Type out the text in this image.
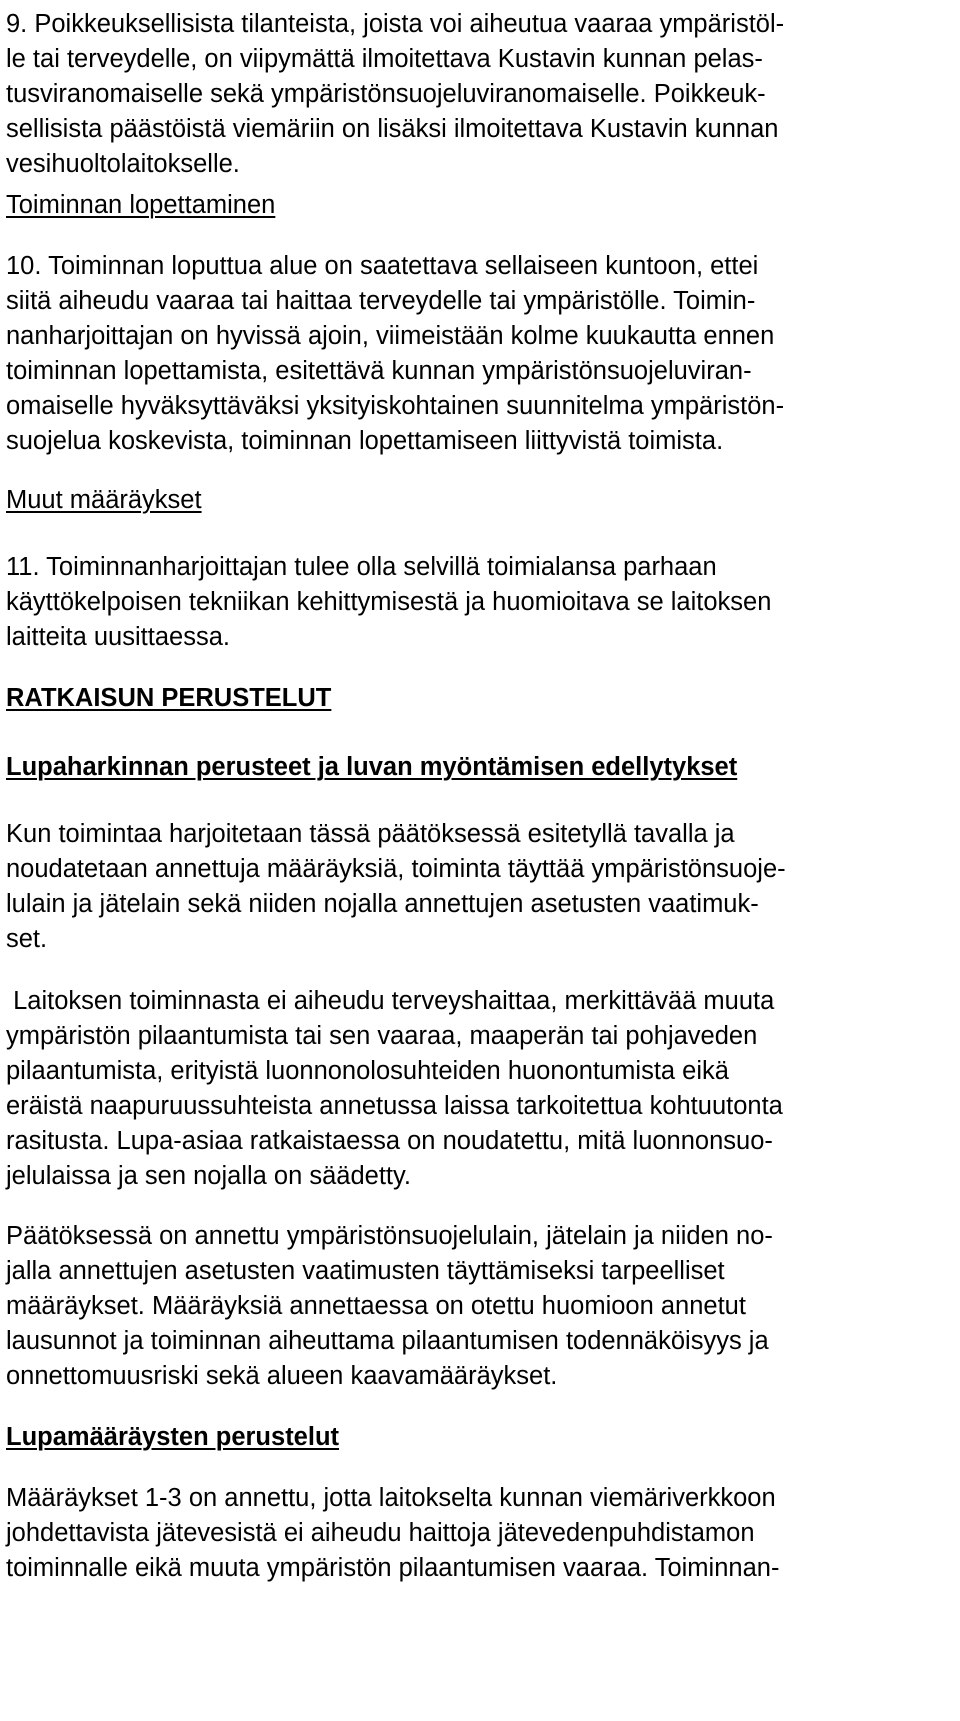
9. Poikkeuksellisista tilanteista, joista voi aiheutua vaaraa ympäristöl-

le tai terveydelle, on viipymättä ilmoitettava Kustavin kunnan pelas-

tusviranomaiselle sekä ympäristönsuojeluviranomaiselle. Poikkeuk-

sellisista päästöistä viemäriin on lisäksi ilmoitettava Kustavin kunnan

vesihuoltolaitokselle.

Toiminnan lopettaminen

10. Toiminnan loputtua alue on saatettava sellaiseen kuntoon, ettei

siitä aiheudu vaaraa tai haittaa terveydelle tai ympäristölle. Toimin-

nanharjoittajan on hyvissä ajoin, viimeistään kolme kuukautta ennen

toiminnan lopettamista, esitettävä kunnan ympäristönsuojeluviran-

omaiselle hyväksyttäväksi yksityiskohtainen suunnitelma ympäristön-

suojelua koskevista, toiminnan lopettamiseen liittyvistä toimista.

Muut määräykset

11. Toiminnanharjoittajan tulee olla selvillä toimialansa parhaan

käyttökelpoisen tekniikan kehittymisestä ja huomioitava se laitoksen

laitteita uusittaessa.

RATKAISUN PERUSTELUT

Lupaharkinnan perusteet ja luvan myöntämisen edellytykset

Kun toimintaa harjoitetaan tässä päätöksessä esitetyllä tavalla ja

noudatetaan annettuja määräyksiä, toiminta täyttää ympäristönsuoje-

lulain ja jätelain sekä niiden nojalla annettujen asetusten vaatimuk-

set.

Laitoksen toiminnasta ei aiheudu terveyshaittaa, merkittävää muuta

ympäristön pilaantumista tai sen vaaraa, maaperän tai pohjaveden

pilaantumista, erityistä luonnonolosuhteiden huonontumista eikä

eräistä naapuruussuhteista annetussa laissa tarkoitettua kohtuutonta

rasitusta. Lupa-asiaa ratkaistaessa on noudatettu, mitä luonnonsuo-

jelulaissa ja sen nojalla on säädetty.

Päätöksessä on annettu ympäristönsuojelulain, jätelain ja niiden no-

jalla annettujen asetusten vaatimusten täyttämiseksi tarpeelliset

määräykset. Määräyksiä annettaessa on otettu huomioon annetut

lausunnot ja toiminnan aiheuttama pilaantumisen todennäköisyys ja

onnettomuusriski sekä alueen kaavamääräykset.

Lupamääräysten perustelut

Määräykset 1-3 on annettu, jotta laitokselta kunnan viemäriverkkoon

johdettavista jätevesistä ei aiheudu haittoja jätevedenpuhdistamon

toiminnalle eikä muuta ympäristön pilaantumisen vaaraa. Toiminnan-
